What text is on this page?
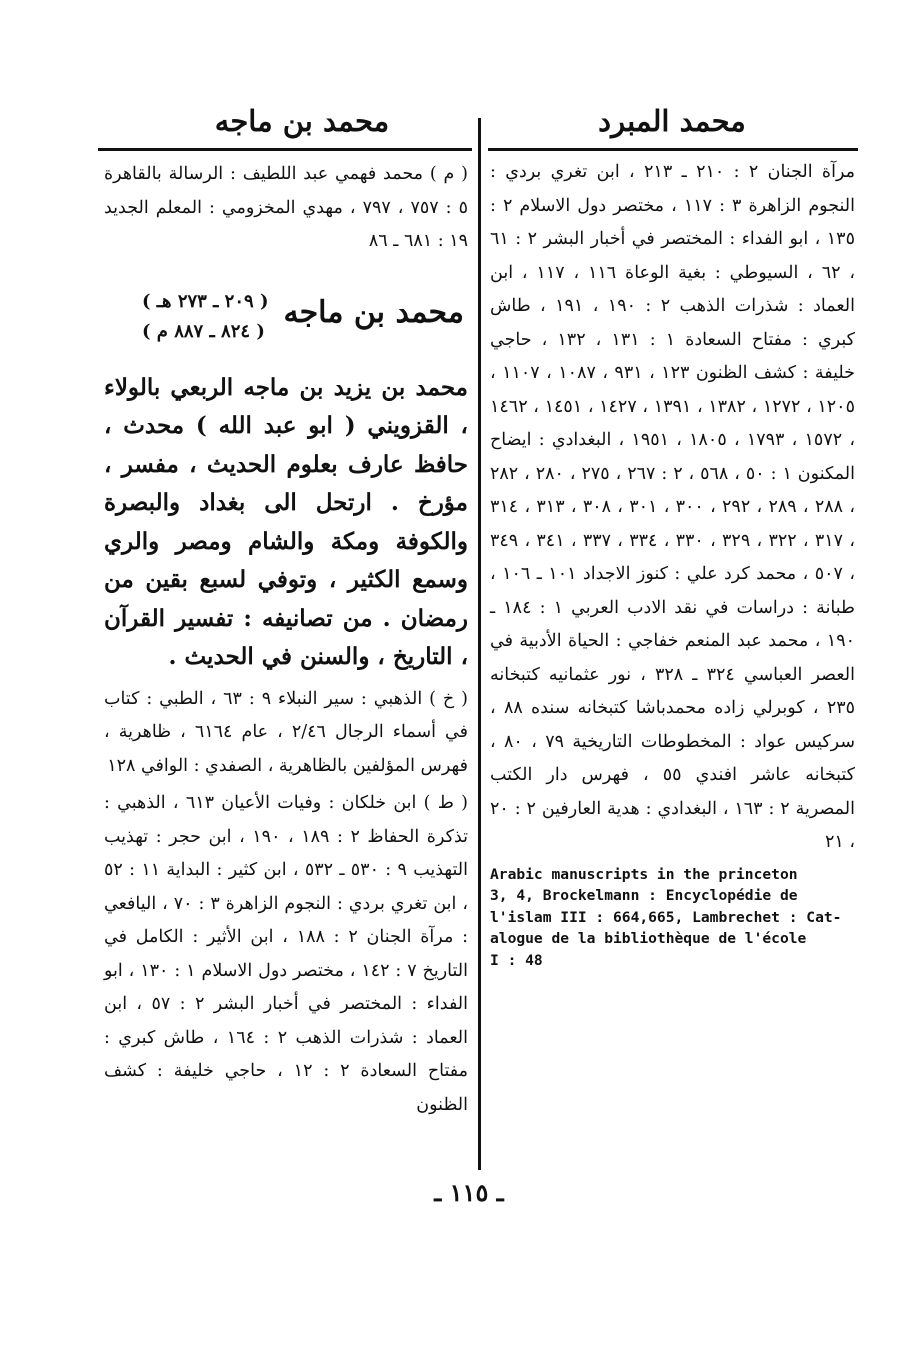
محمد المبرد
محمد بن ماجه

مرآة الجنان ٢ : ٢١٠ ـ ٢١٣ ، ابن تغري بردي : النجوم الزاهرة ٣ : ١١٧ ، مختصر دول الاسلام ٢ : ١٣٥ ، ابو الفداء : المختصر في أخبار البشر ٢ : ٦١ ، ٦٢ ، السيوطي : بغية الوعاة ١١٦ ، ١١٧ ، ابن العماد : شذرات الذهب ٢ : ١٩٠ ، ١٩١ ، طاش كبري : مفتاح السعادة ١ : ١٣١ ، ١٣٢ ، حاجي خليفة : كشف الظنون ١٢٣ ، ٩٣١ ، ١٠٨٧ ، ١١٠٧ ، ١٢٠٥ ، ١٢٧٢ ، ١٣٨٢ ، ١٣٩١ ، ١٤٢٧ ، ١٤٥١ ، ١٤٦٢ ، ١٥٧٢ ، ١٧٩٣ ، ١٨٠٥ ، ١٩٥١ ، البغدادي : ايضاح المكنون ١ : ٥٠ ، ٥٦٨ ، ٢ : ٢٦٧ ، ٢٧٥ ، ٢٨٠ ، ٢٨٢ ، ٢٨٨ ، ٢٨٩ ، ٢٩٢ ، ٣٠٠ ، ٣٠١ ، ٣٠٨ ، ٣١٣ ، ٣١٤ ، ٣١٧ ، ٣٢٢ ، ٣٢٩ ، ٣٣٠ ، ٣٣٤ ، ٣٣٧ ، ٣٤١ ، ٣٤٩ ، ٥٠٧ ، محمد كرد علي : كنوز الاجداد ١٠١ ـ ١٠٦ ، طبانة : دراسات في نقد الادب العربي ١ : ١٨٤ ـ ١٩٠ ، محمد عبد المنعم خفاجي : الحياة الأدبية في العصر العباسي ٣٢٤ ـ ٣٢٨ ، نور عثمانيه كتبخانه ٢٣٥ ، كوبرلي زاده محمدباشا كتبخانه سنده ٨٨ ، سركيس عواد : المخطوطات التاريخية ٧٩ ، ٨٠ ، كتبخانه عاشر افندي ٥٥ ، فهرس دار الكتب المصرية ٢ : ١٦٣ ، البغدادي : هدية العارفين ٢ : ٢٠ ، ٢١

Arabic manuscripts in the princeton
3, 4, Brockelmann : Encyclopédie de
l'islam III : 664,665, Lambrechet : Cat-
alogue de la bibliothèque de l'école
I : 48

( م ) محمد فهمي عبد اللطيف : الرسالة بالقاهرة ٥ : ٧٥٧ ، ٧٩٧ ، مهدي المخزومي : المعلم الجديد ١٩ : ٦٨١ ـ ٨٦

محمد بن ماجه
( ٢٠٩ ـ ٢٧٣ هـ )
( ٨٢٤ ـ ٨٨٧ م )

محمد بن يزيد بن ماجه الربعي بالولاء ، القزويني ( ابو عبد الله ) محدث ، حافظ عارف بعلوم الحديث ، مفسر ، مؤرخ . ارتحل الى بغداد والبصرة والكوفة ومكة والشام ومصر والري وسمع الكثير ، وتوفي لسبع بقين من رمضان . من تصانيفه : تفسير القرآن ، التاريخ ، والسنن في الحديث .

( خ ) الذهبي : سير النبلاء ٩ : ٦٣ ، الطبي : كتاب في أسماء الرجال ٢/٤٦ ، عام ٦١٦٤ ، ظاهرية ، فهرس المؤلفين بالظاهرية ، الصفدي : الوافي ١٢٨

( ط ) ابن خلكان : وفيات الأعيان ٦١٣ ، الذهبي : تذكرة الحفاظ ٢ : ١٨٩ ، ١٩٠ ، ابن حجر : تهذيب التهذيب ٩ : ٥٣٠ ـ ٥٣٢ ، ابن كثير : البداية ١١ : ٥٢ ، ابن تغري بردي : النجوم الزاهرة ٣ : ٧٠ ، اليافعي : مرآة الجنان ٢ : ١٨٨ ، ابن الأثير : الكامل في التاريخ ٧ : ١٤٢ ، مختصر دول الاسلام ١ : ١٣٠ ، ابو الفداء : المختصر في أخبار البشر ٢ : ٥٧ ، ابن العماد : شذرات الذهب ٢ : ١٦٤ ، طاش كبري : مفتاح السعادة ٢ : ١٢ ، حاجي خليفة : كشف الظنون

ـ ١١٥ ـ
